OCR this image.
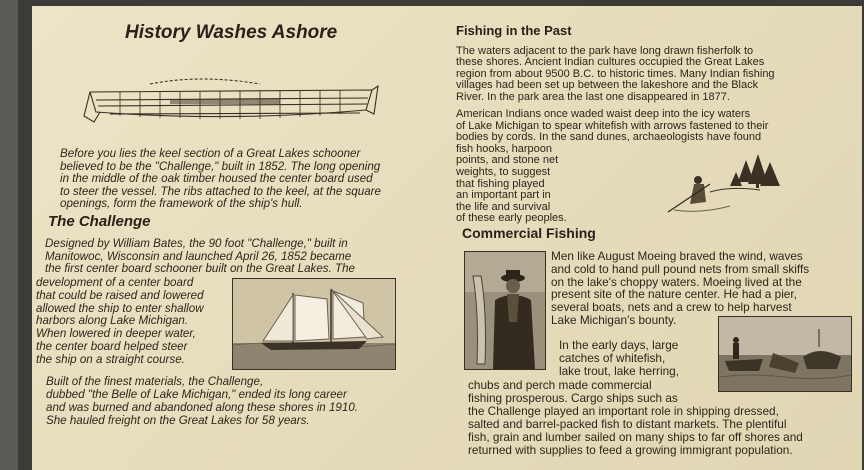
History Washes Ashore
Before you lies the keel section of a Great Lakes schooner
believed to be the "Challenge," built in 1852. The long opening
in the middle of the oak timber housed the center board used
to steer the vessel. The ribs attached to the keel, at the square
openings, form the framework of the ship's hull.
The Challenge
Designed by William Bates, the 90 foot "Challenge," built in
Manitowoc, Wisconsin and launched April 26, 1852 became
the first center board schooner built on the Great Lakes. The
development of a center board
that could be raised and lowered
allowed the ship to enter shallow
harbors along Lake Michigan.
When lowered in deeper water,
the center board helped steer
the ship on a straight course.
Built of the finest materials, the Challenge,
dubbed "the Belle of Lake Michigan," ended its long career
and was burned and abandoned along these shores in 1910.
She hauled freight on the Great Lakes for 58 years.
Fishing in the Past
The waters adjacent to the park have long drawn fisherfolk to
these shores. Ancient Indian cultures occupied the Great Lakes
region from about 9500 B.C. to historic times. Many Indian fishing
villages had been set up between the lakeshore and the Black
River. In the park area the last one disappeared in 1877.
American Indians once waded waist deep into the icy waters
of Lake Michigan to spear whitefish with arrows fastened to their
bodies by cords. In the sand dunes, archaeologists have found
fish hooks, harpoon
points, and stone net
weights, to suggest
that fishing played
an important part in
the life and survival
of these early peoples.
Commercial Fishing
Men like August Moeing braved the wind, waves
and cold to hand pull pound nets from small skiffs
on the lake's choppy waters. Moeing lived at the
present site of the nature center. He had a pier,
several boats, nets and a crew to help harvest
Lake Michigan's bounty.
In the early days, large
catches of whitefish,
lake trout, lake herring,
chubs and perch made commercial
fishing prosperous. Cargo ships such as
the Challenge played an important role in shipping dressed,
salted and barrel-packed fish to distant markets. The plentiful
fish, grain and lumber sailed on many ships to far off shores and
returned with supplies to feed a growing immigrant population.
